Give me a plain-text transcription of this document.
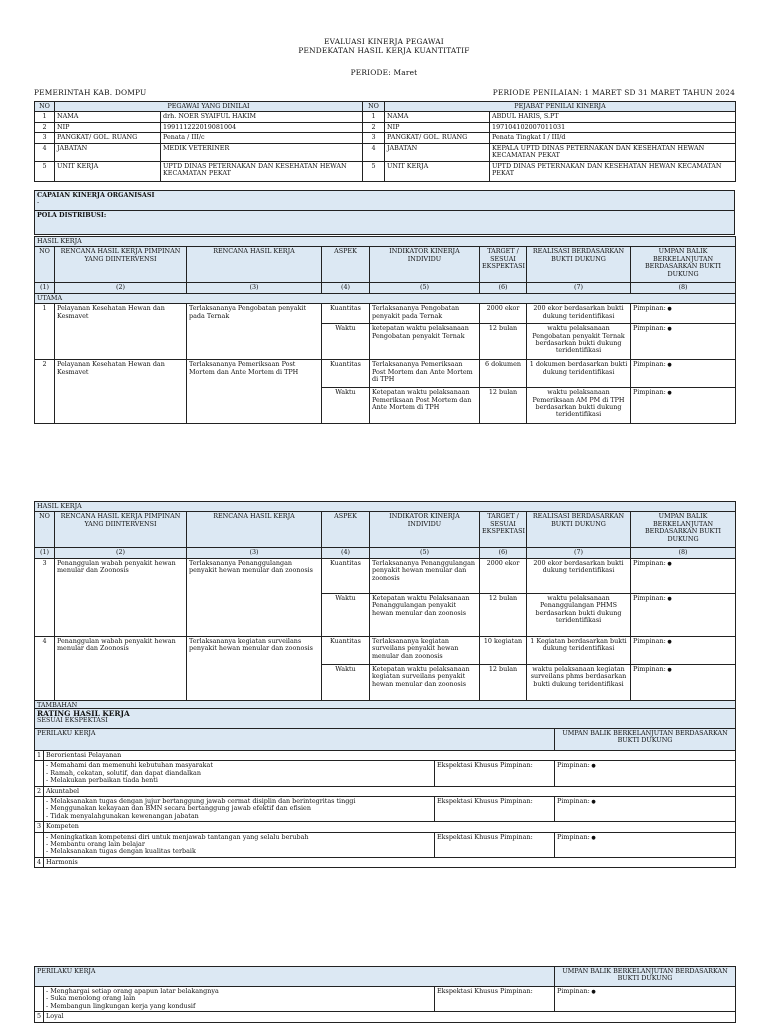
EVALUASI KINERJA PEGAWAI
PENDEKATAN HASIL KERJA KUANTITATIF
PERIODE: Maret
PEMERINTAH KAB. DOMPU	PERIODE PENILAIAN: 1 MARET SD 31 MARET TAHUN 2024
NO	PEGAWAI YANG DINILAI		NO	PEJABAT PENILAI KINERJA	
1	NAMA	drh. NOER SYAIFUL HAKIM	1	NAMA	ABDUL HARIS, S.PT
2	NIP	199111222019081004	2	NIP	197104102007011031
3	PANGKAT/ GOL. RUANG	Penata / III/c	3	PANGKAT/ GOL. RUANG	Penata Tingkat I / III/d
4	JABATAN	MEDIK VETERINER	4	JABATAN	KEPALA UPTD DINAS PETERNAKAN DAN KESEHATAN HEWAN KECAMATAN PEKAT
5	UNIT KERJA	UPTD DINAS PETERNAKAN DAN KESEHATAN HEWAN KECAMATAN PEKAT	5	UNIT KERJA	UPTD DINAS PETERNAKAN DAN KESEHATAN HEWAN KECAMATAN PEKAT
CAPAIAN KINERJA ORGANISASI
-

POLA DISTRIBUSI:
HASIL KERJA							
NO	RENCANA HASIL KERJA PIMPINAN YANG DIINTERVENSI	RENCANA HASIL KERJA	ASPEK	INDIKATOR KINERJA INDIVIDU	TARGET / SESUAI EKSPEKTASI	REALISASI BERDASARKAN BUKTI DUKUNG	UMPAN BALIK BERKELANJUTAN BERDASARKAN BUKTI DUKUNG
(1)	(2)	(3)	(4)	(5)	(6)	(7)	(8)
UTAMA							
1	Pelayanan Kesehatan Hewan dan Kesmavet	Terlaksananya Pengobatan penyakit pada Ternak	Kuantitas	Terlaksananya Pengobatan penyakit pada Ternak	2000 ekor	200 ekor berdasarkan bukti dukung teridentifikasi	Pimpinan: ●
			Waktu	ketepatan waktu pelaksanaan Pengobatan penyakit Ternak	12 bulan	waktu pelaksanaan Pengobatan penyakit Ternak berdasarkan bukti dukung teridentifikasi	Pimpinan: ●
2	Pelayanan Kesehatan Hewan dan Kesmavet	Terlaksananya Pemeriksaan Post Mortem dan Ante Mortem di TPH	Kuantitas	Terlaksananya Pemeriksaan Post Mortem dan Ante Mortem di TPH	6 dokumen	1 dokumen berdasarkan bukti dukung teridentifikasi	Pimpinan: ●
			Waktu	Ketepatan waktu pelaksanaan Pemeriksaan Post Mortem dan Ante Mortem di TPH	12 bulan	waktu pelaksanaan Pemeriksaan AM PM di TPH berdasarkan bukti dukung teridentifikasi	Pimpinan: ●
HASIL KERJA							
NO	RENCANA HASIL KERJA PIMPINAN YANG DIINTERVENSI	RENCANA HASIL KERJA	ASPEK	INDIKATOR KINERJA INDIVIDU	TARGET / SESUAI EKSPEKTASI	REALISASI BERDASARKAN BUKTI DUKUNG	UMPAN BALIK BERKELANJUTAN BERDASARKAN BUKTI DUKUNG
(1)	(2)	(3)	(4)	(5)	(6)	(7)	(8)
3	Penanggulan wabah penyakit hewan menular dan Zoonosis	Terlaksananya Penanggulangan penyakit hewan menular dan zoonosis	Kuantitas	Terlaksananya Penanggulangan penyakit hewan menular dan zoonosis	2000 ekor	200 ekor berdasarkan bukti dukung teridentifikasi	Pimpinan: ●
			Waktu	Ketepatan waktu Pelaksanaan Penanggulangan penyakit hewan menular dan zoonosis	12 bulan	waktu pelaksanaan Penanggulangan PHMS berdasarkan bukti dukung teridentifikasi	Pimpinan: ●
4	Penanggulan wabah penyakit hewan menular dan Zoonosis	Terlaksananya kegiatan surveilans penyakit hewan menular dan zoonosis	Kuantitas	Terlaksananya kegiatan surveilans penyakit hewan menular dan zoonosis	10 kegiatan	1 Kegiatan berdasarkan bukti dukung teridentifikasi	Pimpinan: ●
			Waktu	Ketepatan waktu pelaksanaan kegiatan surveilans penyakit hewan menular dan zoonosis	12 bulan	waktu pelaksanaan kegiatan surveilans phms berdasarkan bukti dukung teridentifikasi	Pimpinan: ●
TAMBAHAN							
RATING HASIL KERJA
SESUAI EKSPEKTASI			

PERILAKU KERJA			UMPAN BALIK BERKELANJUTAN BERDASARKAN BUKTI DUKUNG
1	Berorientasi Pelayanan		

	- Memahami dan memenuhi kebutuhan masyarakat
- Ramah, cekatan, solutif, dan dapat diandalkan
- Melakukan perbaikan tiada henti	Ekspektasi Khusus Pimpinan:	Pimpinan: ●
2	Akuntabel		

	- Melaksanakan tugas dengan jujur bertanggung jawab cermat disiplin dan berintegritas tinggi
- Menggunakan kekayaan dan BMN secara bertanggung jawab efektif dan efisien
- Tidak menyalahgunakan kewenangan jabatan	Ekspektasi Khusus Pimpinan:	Pimpinan: ●
3	Kompeten		

	- Meningkatkan kompetensi diri untuk menjawab tantangan yang selalu berubah
- Membantu orang lain belajar
- Melaksanakan tugas dengan kualitas terbaik	Ekspektasi Khusus Pimpinan:	Pimpinan: ●
4	Harmonis		
PERILAKU KERJA			UMPAN BALIK BERKELANJUTAN BERDASARKAN BUKTI DUKUNG

	- Menghargai setiap orang apapun latar belakangnya
- Suka menolong orang lain
- Membangun lingkungan kerja yang kondusif	Ekspektasi Khusus Pimpinan:	Pimpinan: ●
5	Loyal		
